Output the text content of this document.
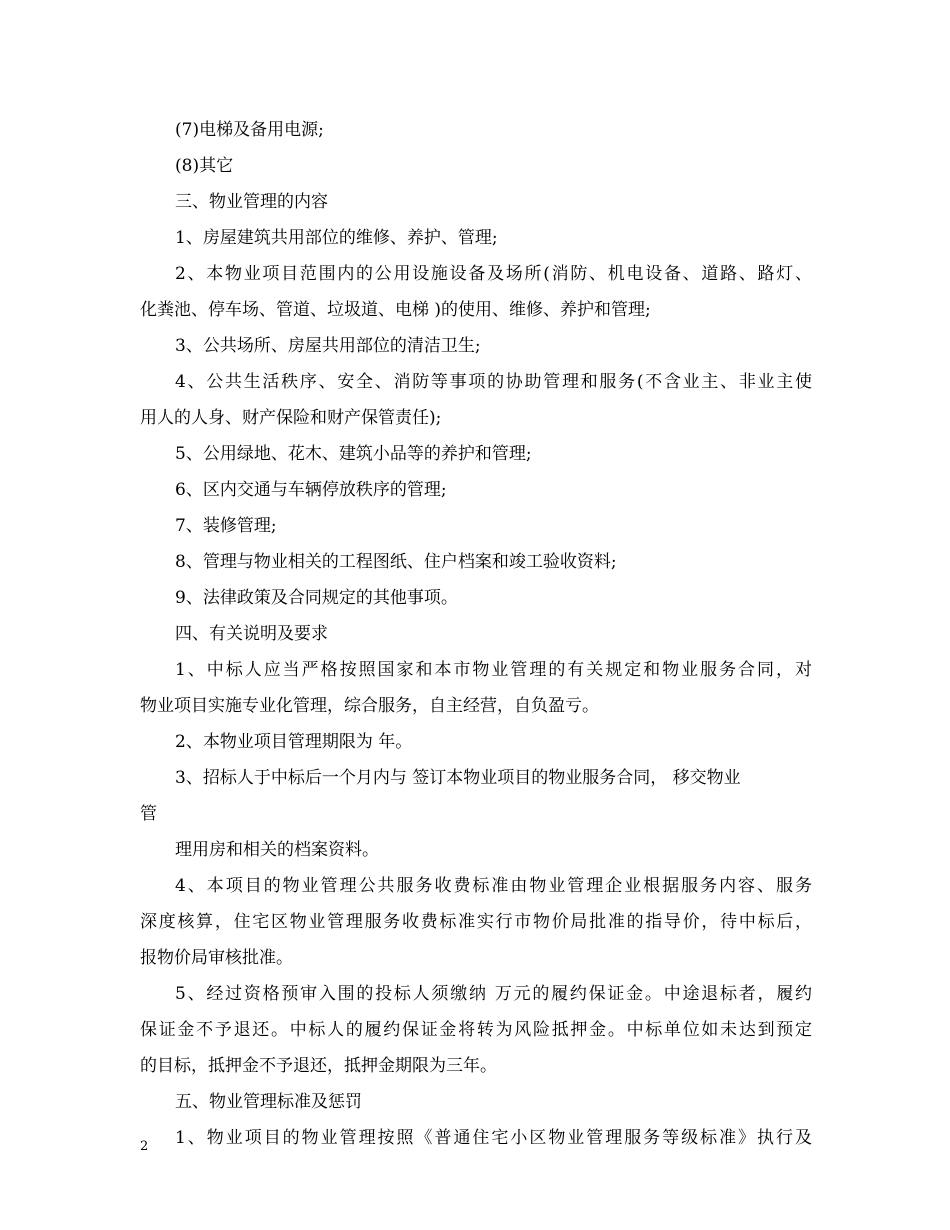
(7)电梯及备用电源;
(8)其它
三、物业管理的内容
1、房屋建筑共用部位的维修、养护、管理;
2、本物业项目范围内的公用设施设备及场所(消防、机电设备、道路、路灯、
化粪池、停车场、管道、垃圾道、电梯 )的使用、维修、养护和管理;
3、公共场所、房屋共用部位的清洁卫生;
4、公共生活秩序、安全、消防等事项的协助管理和服务(不含业主、非业主使
用人的人身、财产保险和财产保管责任);
5、公用绿地、花木、建筑小品等的养护和管理;
6、区内交通与车辆停放秩序的管理;
7、装修管理;
8、管理与物业相关的工程图纸、住户档案和竣工验收资料;
9、法律政策及合同规定的其他事项。
四、有关说明及要求
1、中标人应当严格按照国家和本市物业管理的有关规定和物业服务合同，对
物业项目实施专业化管理，综合服务，自主经营，自负盈亏。
2、本物业项目管理期限为 年。
3、招标人于中标后一个月内与 签订本物业项目的物业服务合同， 移交物业
管
理用房和相关的档案资料。
4、本项目的物业管理公共服务收费标准由物业管理企业根据服务内容、服务
深度核算，住宅区物业管理服务收费标准实行市物价局批准的指导价，待中标后，
报物价局审核批准。
5、经过资格预审入围的投标人须缴纳 万元的履约保证金。中途退标者，履约
保证金不予退还。中标人的履约保证金将转为风险抵押金。中标单位如未达到预定
的目标，抵押金不予退还，抵押金期限为三年。
五、物业管理标准及惩罚
1、物业项目的物业管理按照《普通住宅小区物业管理服务等级标准》执行及
2
